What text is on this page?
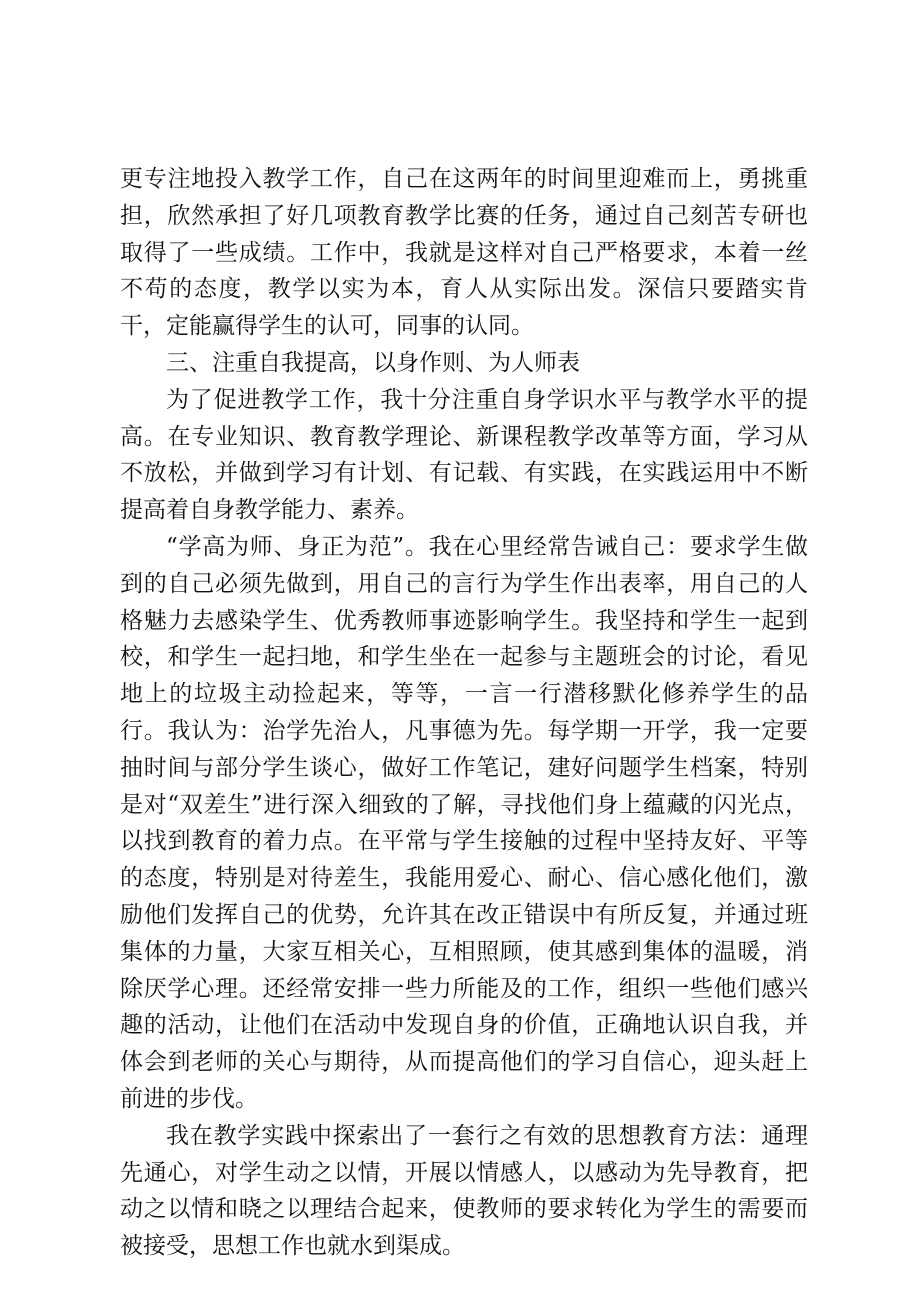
更专注地投入教学工作，自己在这两年的时间里迎难而上，勇挑重担，欣然承担了好几项教育教学比赛的任务，通过自己刻苦专研也取得了一些成绩。工作中，我就是这样对自己严格要求，本着一丝不苟的态度，教学以实为本，育人从实际出发。深信只要踏实肯干，定能赢得学生的认可，同事的认同。

三、注重自我提高，以身作则、为人师表

为了促进教学工作，我十分注重自身学识水平与教学水平的提高。在专业知识、教育教学理论、新课程教学改革等方面，学习从不放松，并做到学习有计划、有记载、有实践，在实践运用中不断提高着自身教学能力、素养。

“学高为师、身正为范”。我在心里经常告诫自己：要求学生做到的自己必须先做到，用自己的言行为学生作出表率，用自己的人格魅力去感染学生、优秀教师事迹影响学生。我坚持和学生一起到校，和学生一起扫地，和学生坐在一起参与主题班会的讨论，看见地上的垃圾主动捡起来，等等，一言一行潜移默化修养学生的品行。我认为：治学先治人，凡事德为先。每学期一开学，我一定要抽时间与部分学生谈心，做好工作笔记，建好问题学生档案，特别是对“双差生”进行深入细致的了解，寻找他们身上蕴藏的闪光点，以找到教育的着力点。在平常与学生接触的过程中坚持友好、平等的态度，特别是对待差生，我能用爱心、耐心、信心感化他们，激励他们发挥自己的优势，允许其在改正错误中有所反复，并通过班集体的力量，大家互相关心，互相照顾，使其感到集体的温暖，消除厌学心理。还经常安排一些力所能及的工作，组织一些他们感兴趣的活动，让他们在活动中发现自身的价值，正确地认识自我，并体会到老师的关心与期待，从而提高他们的学习自信心，迎头赶上前进的步伐。

我在教学实践中探索出了一套行之有效的思想教育方法：通理先通心，对学生动之以情，开展以情感人，以感动为先导教育，把动之以情和晓之以理结合起来，使教师的要求转化为学生的需要而被接受，思想工作也就水到渠成。
